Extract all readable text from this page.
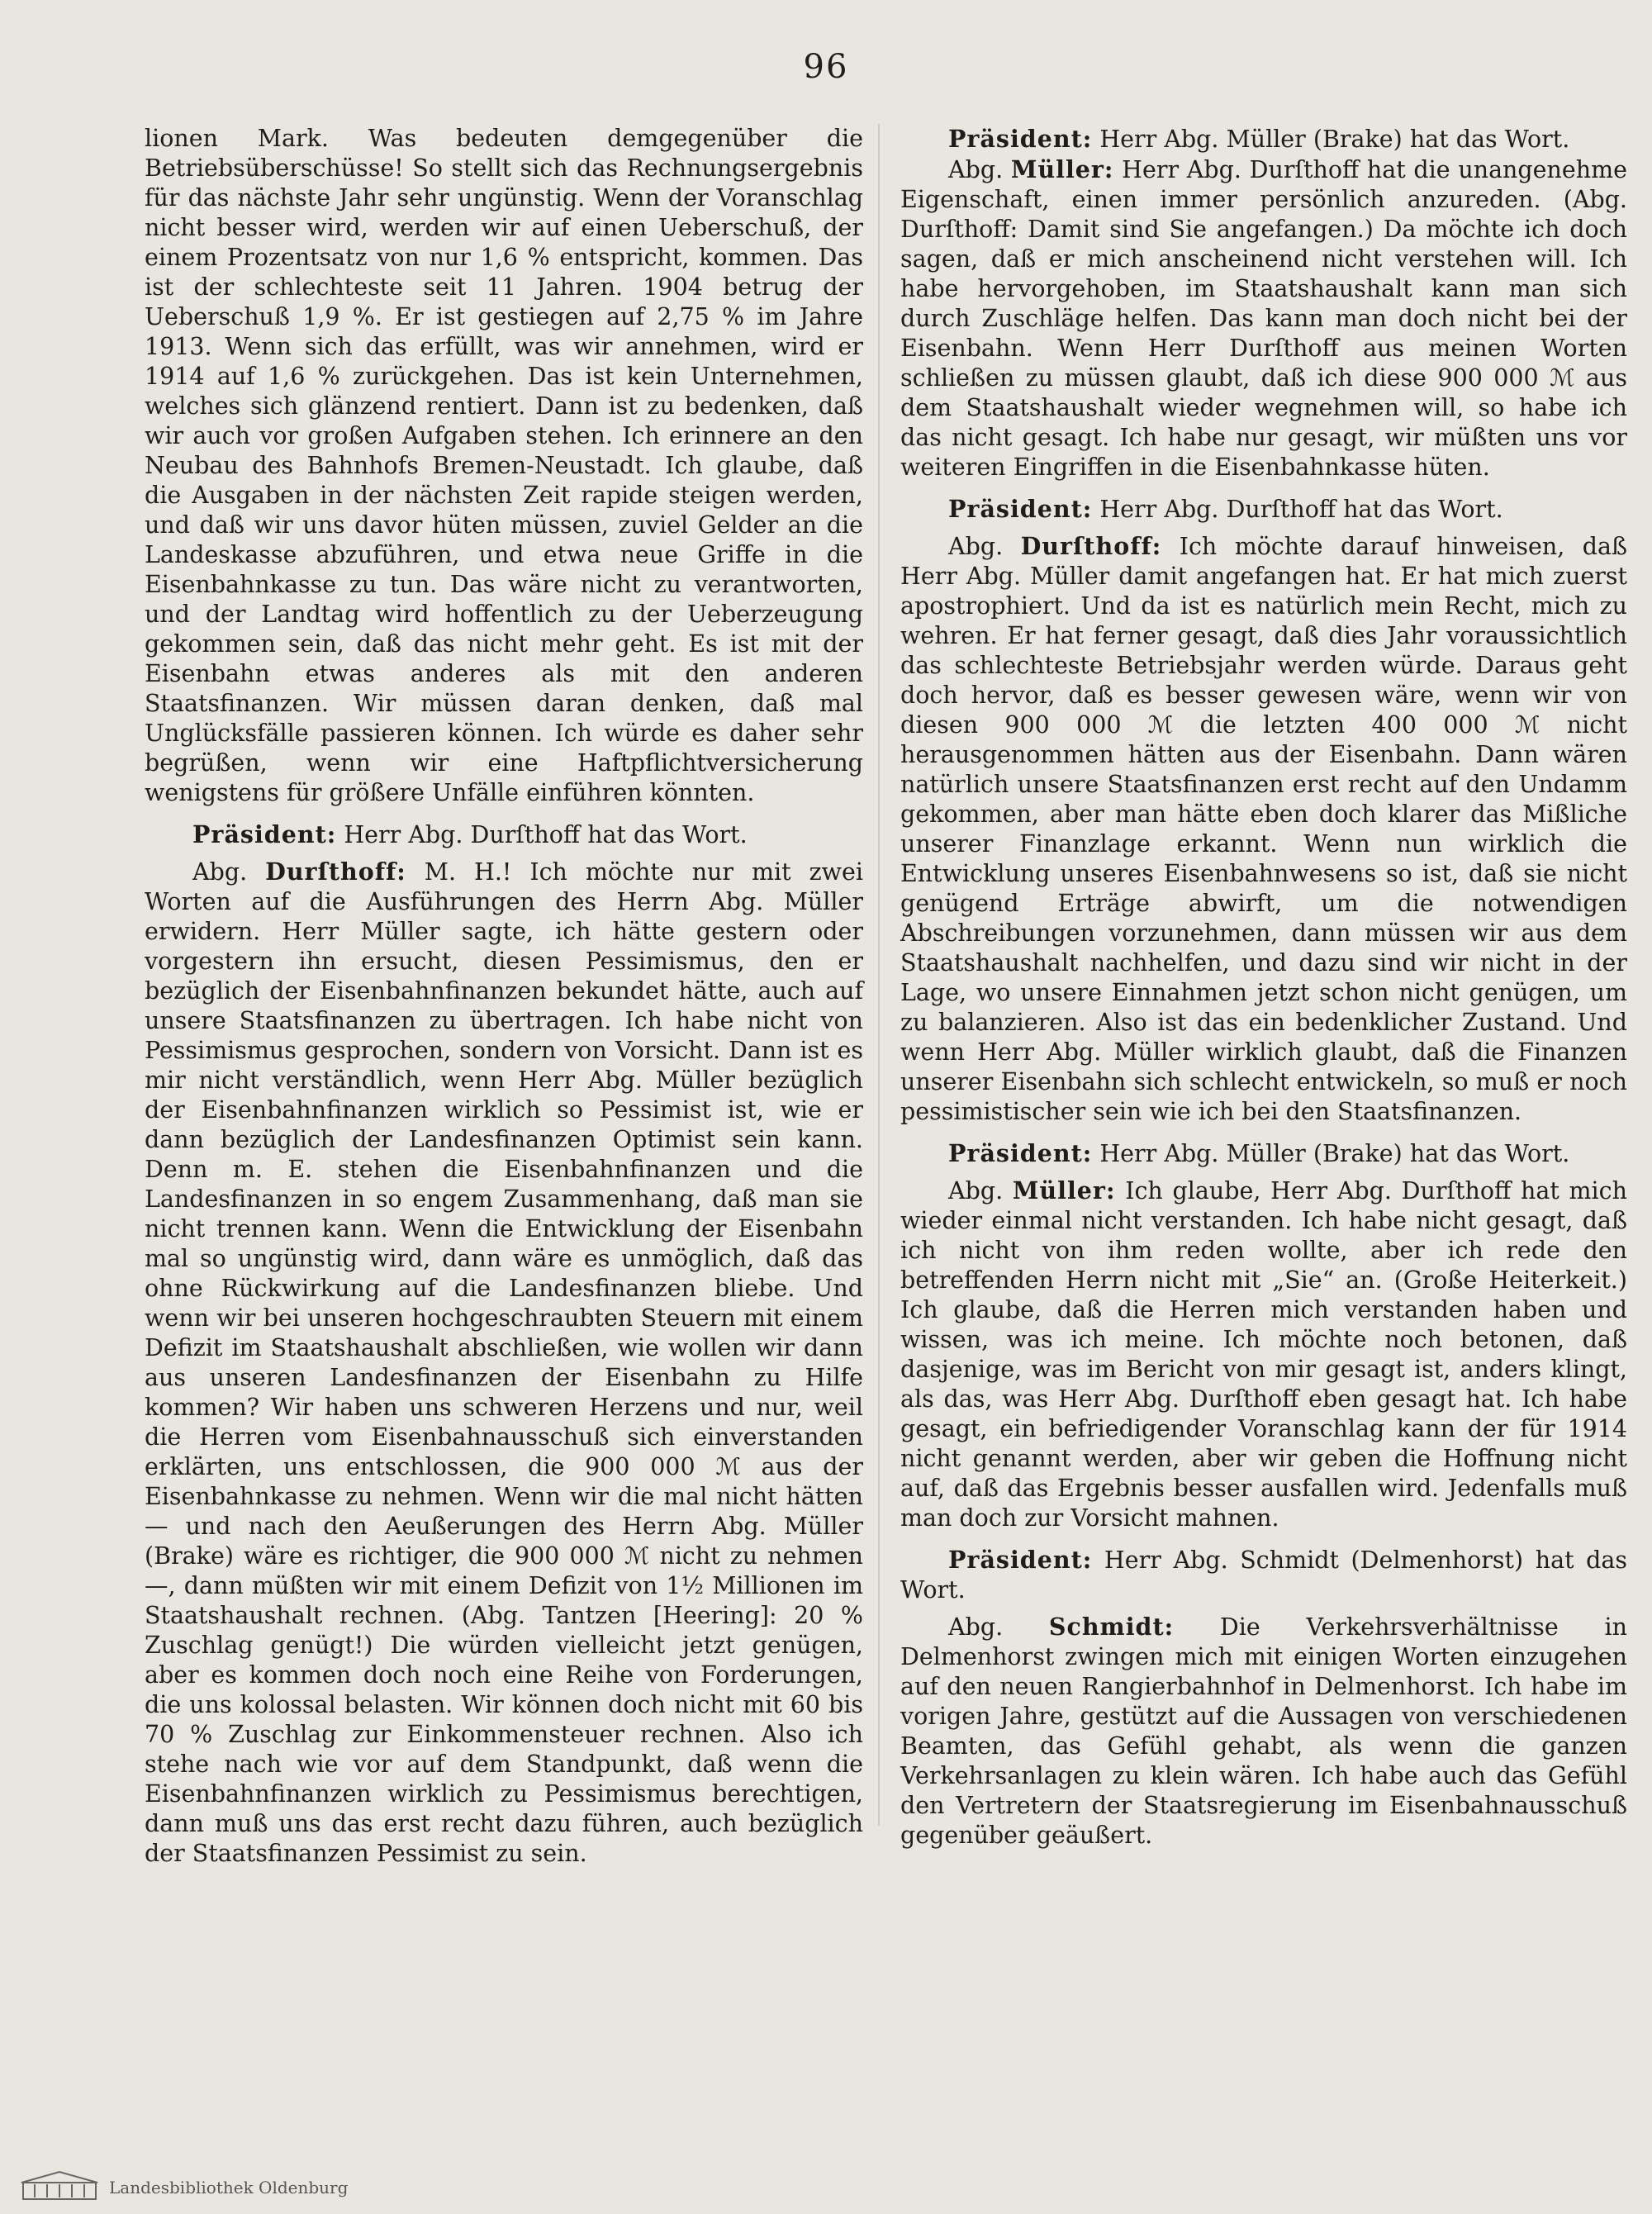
96

lionen Mark. Was bedeuten demgegenüber die Betriebsüberschüsse! So stellt sich das Rechnungsergebnis für das nächste Jahr sehr ungünstig. Wenn der Voranschlag nicht besser wird, werden wir auf einen Ueberschuß, der einem Prozentsatz von nur 1,6 % entspricht, kommen. Das ist der schlechteste seit 11 Jahren. 1904 betrug der Ueberschuß 1,9 %. Er ist gestiegen auf 2,75 % im Jahre 1913. Wenn sich das erfüllt, was wir annehmen, wird er 1914 auf 1,6 % zurückgehen. Das ist kein Unternehmen, welches sich glänzend rentiert. Dann ist zu bedenken, daß wir auch vor großen Aufgaben stehen. Ich erinnere an den Neubau des Bahnhofs Bremen-Neustadt. Ich glaube, daß die Ausgaben in der nächsten Zeit rapide steigen werden, und daß wir uns davor hüten müssen, zuviel Gelder an die Landeskasse abzuführen, und etwa neue Griffe in die Eisenbahnkasse zu tun. Das wäre nicht zu verantworten, und der Landtag wird hoffentlich zu der Ueberzeugung gekommen sein, daß das nicht mehr geht. Es ist mit der Eisenbahn etwas anderes als mit den anderen Staatsfinanzen. Wir müssen daran denken, daß mal Unglücksfälle passieren können. Ich würde es daher sehr begrüßen, wenn wir eine Haftpflichtversicherung wenigstens für größere Unfälle einführen könnten.

Präsident: Herr Abg. Durſthoff hat das Wort.

Abg. Durſthoff: M. H.! Ich möchte nur mit zwei Worten auf die Ausführungen des Herrn Abg. Müller erwidern. Herr Müller sagte, ich hätte gestern oder vorgestern ihn ersucht, diesen Pessimismus, den er bezüglich der Eisenbahnfinanzen bekundet hätte, auch auf unsere Staatsfinanzen zu übertragen. Ich habe nicht von Pessimismus gesprochen, sondern von Vorsicht. Dann ist es mir nicht verständlich, wenn Herr Abg. Müller bezüglich der Eisenbahnfinanzen wirklich so Pessimist ist, wie er dann bezüglich der Landesfinanzen Optimist sein kann. Denn m. E. stehen die Eisenbahnfinanzen und die Landesfinanzen in so engem Zusammenhang, daß man sie nicht trennen kann. Wenn die Entwicklung der Eisenbahn mal so ungünstig wird, dann wäre es unmöglich, daß das ohne Rückwirkung auf die Landesfinanzen bliebe. Und wenn wir bei unseren hochgeschraubten Steuern mit einem Defizit im Staatshaushalt abschließen, wie wollen wir dann aus unseren Landesfinanzen der Eisenbahn zu Hilfe kommen? Wir haben uns schweren Herzens und nur, weil die Herren vom Eisenbahnausschuß sich einverstanden erklärten, uns entschlossen, die 900 000 ℳ aus der Eisenbahnkasse zu nehmen. Wenn wir die mal nicht hätten — und nach den Aeußerungen des Herrn Abg. Müller (Brake) wäre es richtiger, die 900 000 ℳ nicht zu nehmen —, dann müßten wir mit einem Defizit von 1½ Millionen im Staatshaushalt rechnen. (Abg. Tantzen [Heering]: 20 % Zuschlag genügt!) Die würden vielleicht jetzt genügen, aber es kommen doch noch eine Reihe von Forderungen, die uns kolossal belasten. Wir können doch nicht mit 60 bis 70 % Zuschlag zur Einkommensteuer rechnen. Also ich stehe nach wie vor auf dem Standpunkt, daß wenn die Eisenbahnfinanzen wirklich zu Pessimismus berechtigen, dann muß uns das erst recht dazu führen, auch bezüglich der Staatsfinanzen Pessimist zu sein.

Präsident: Herr Abg. Müller (Brake) hat das Wort.

Abg. Müller: Herr Abg. Durſthoff hat die unangenehme Eigenschaft, einen immer persönlich anzureden. (Abg. Durſthoff: Damit sind Sie angefangen.) Da möchte ich doch sagen, daß er mich anscheinend nicht verstehen will. Ich habe hervorgehoben, im Staatshaushalt kann man sich durch Zuschläge helfen. Das kann man doch nicht bei der Eisenbahn. Wenn Herr Durſthoff aus meinen Worten schließen zu müssen glaubt, daß ich diese 900 000 ℳ aus dem Staatshaushalt wieder wegnehmen will, so habe ich das nicht gesagt. Ich habe nur gesagt, wir müßten uns vor weiteren Eingriffen in die Eisenbahnkasse hüten.

Präsident: Herr Abg. Durſthoff hat das Wort.

Abg. Durſthoff: Ich möchte darauf hinweisen, daß Herr Abg. Müller damit angefangen hat. Er hat mich zuerst apostrophiert. Und da ist es natürlich mein Recht, mich zu wehren. Er hat ferner gesagt, daß dies Jahr voraussichtlich das schlechteste Betriebsjahr werden würde. Daraus geht doch hervor, daß es besser gewesen wäre, wenn wir von diesen 900 000 ℳ die letzten 400 000 ℳ nicht herausgenommen hätten aus der Eisenbahn. Dann wären natürlich unsere Staatsfinanzen erst recht auf den Undamm gekommen, aber man hätte eben doch klarer das Mißliche unserer Finanzlage erkannt. Wenn nun wirklich die Entwicklung unseres Eisenbahnwesens so ist, daß sie nicht genügend Erträge abwirft, um die notwendigen Abschreibungen vorzunehmen, dann müssen wir aus dem Staatshaushalt nachhelfen, und dazu sind wir nicht in der Lage, wo unsere Einnahmen jetzt schon nicht genügen, um zu balanzieren. Also ist das ein bedenklicher Zustand. Und wenn Herr Abg. Müller wirklich glaubt, daß die Finanzen unserer Eisenbahn sich schlecht entwickeln, so muß er noch pessimistischer sein wie ich bei den Staatsfinanzen.

Präsident: Herr Abg. Müller (Brake) hat das Wort.

Abg. Müller: Ich glaube, Herr Abg. Durſthoff hat mich wieder einmal nicht verstanden. Ich habe nicht gesagt, daß ich nicht von ihm reden wollte, aber ich rede den betreffenden Herrn nicht mit „Sie“ an. (Große Heiterkeit.) Ich glaube, daß die Herren mich verstanden haben und wissen, was ich meine. Ich möchte noch betonen, daß dasjenige, was im Bericht von mir gesagt ist, anders klingt, als das, was Herr Abg. Durſthoff eben gesagt hat. Ich habe gesagt, ein befriedigender Voranschlag kann der für 1914 nicht genannt werden, aber wir geben die Hoffnung nicht auf, daß das Ergebnis besser ausfallen wird. Jedenfalls muß man doch zur Vorsicht mahnen.

Präsident: Herr Abg. Schmidt (Delmenhorst) hat das Wort.

Abg. Schmidt: Die Verkehrsverhältnisse in Delmenhorst zwingen mich mit einigen Worten einzugehen auf den neuen Rangierbahnhof in Delmenhorst. Ich habe im vorigen Jahre, gestützt auf die Aussagen von verschiedenen Beamten, das Gefühl gehabt, als wenn die ganzen Verkehrsanlagen zu klein wären. Ich habe auch das Gefühl den Vertretern der Staatsregierung im Eisenbahnausschuß gegenüber geäußert.

Landesbibliothek Oldenburg
